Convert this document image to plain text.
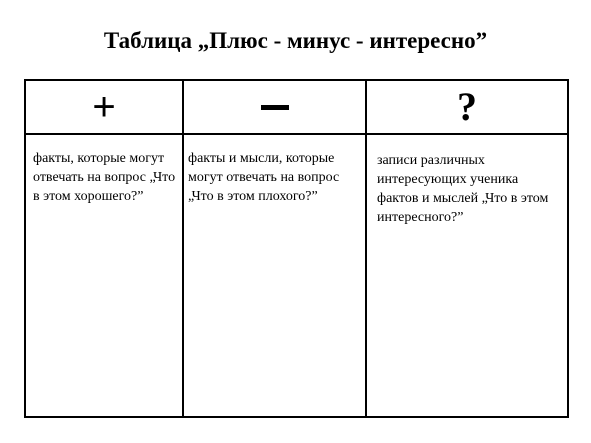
Таблица „Плюс - минус - интересно”
+
факты, которые могут отвечать на вопрос „Что в этом хорошего?”
факты и мысли, которые могут отвечать на вопрос „Что в этом плохого?”
?
записи различных интересующих ученика фактов и мыслей „Что в этом интересного?”
